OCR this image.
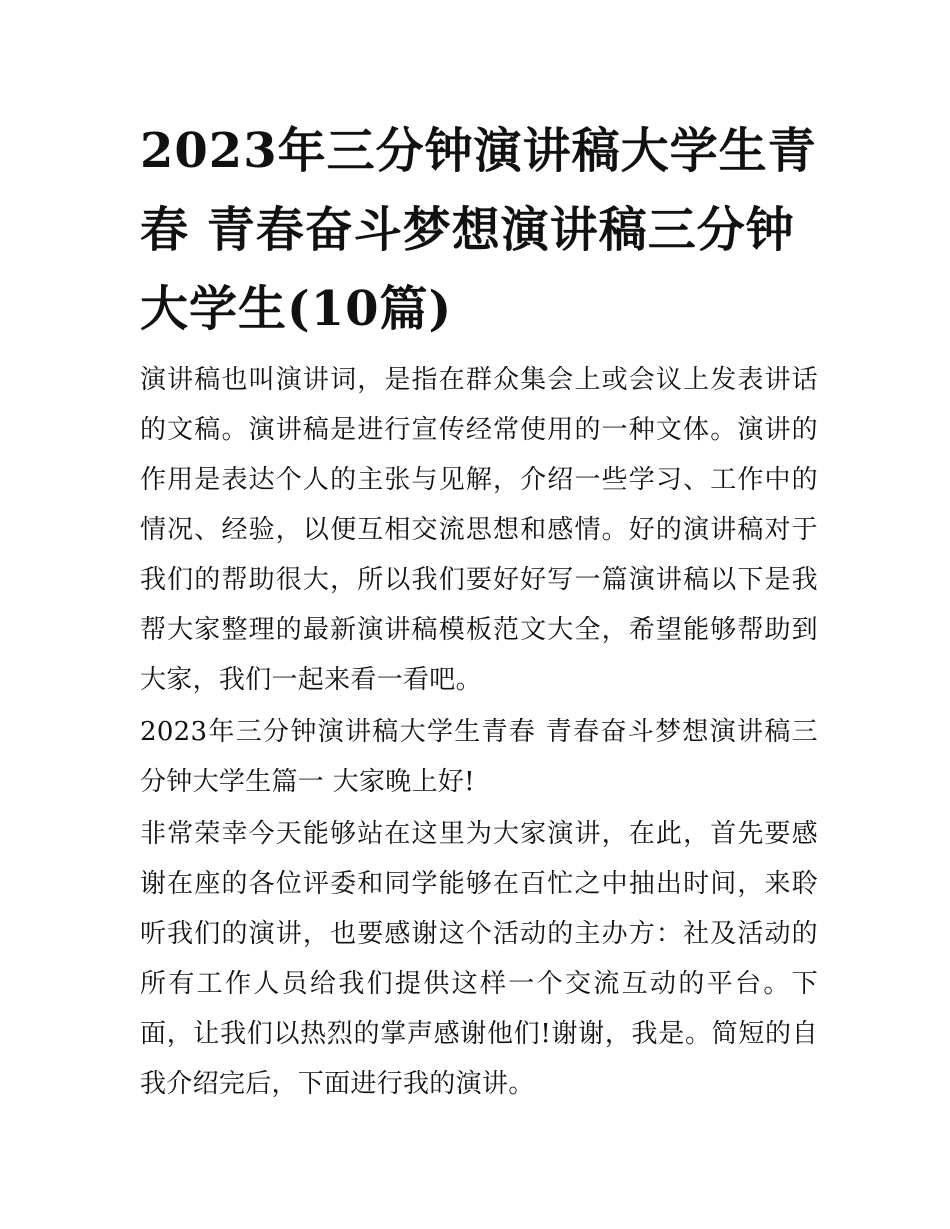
2023年三分钟演讲稿大学生青春 青春奋斗梦想演讲稿三分钟大学生(10篇)

演讲稿也叫演讲词，是指在群众集会上或会议上发表讲话的文稿。演讲稿是进行宣传经常使用的一种文体。演讲的作用是表达个人的主张与见解，介绍一些学习、工作中的情况、经验，以便互相交流思想和感情。好的演讲稿对于我们的帮助很大，所以我们要好好写一篇演讲稿以下是我帮大家整理的最新演讲稿模板范文大全，希望能够帮助到大家，我们一起来看一看吧。

2023年三分钟演讲稿大学生青春 青春奋斗梦想演讲稿三分钟大学生篇一 大家晚上好!

非常荣幸今天能够站在这里为大家演讲，在此，首先要感谢在座的各位评委和同学能够在百忙之中抽出时间，来聆听我们的演讲，也要感谢这个活动的主办方：社及活动的所有工作人员给我们提供这样一个交流互动的平台。下面，让我们以热烈的掌声感谢他们!谢谢，我是。简短的自我介绍完后，下面进行我的演讲。
